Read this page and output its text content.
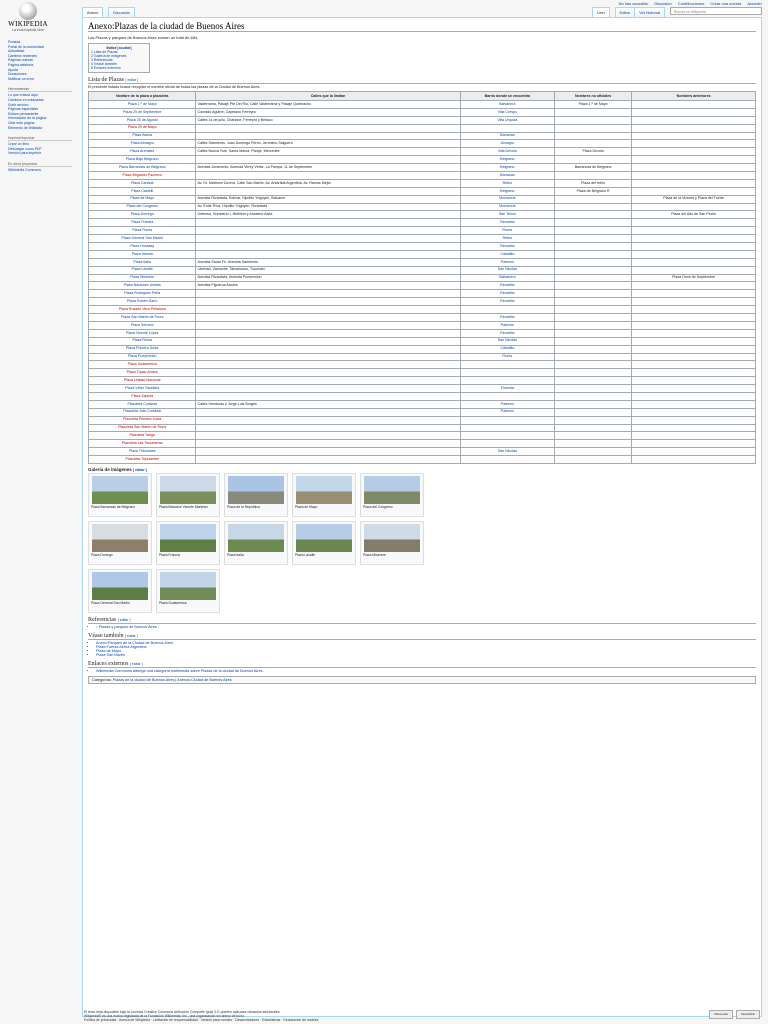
No has accedido Discusión Contribuciones Crear una cuenta Acceder
WIKIPEDIA
La enciclopedia libre
Portada
Portal de la comunidad
Actualidad
Cambios recientes
Páginas nuevas
Página aleatoria
Ayuda
Donaciones
Notificar un error
Herramientas
Lo que enlaza aquí
Cambios en enlazadas
Subir archivo
Páginas especiales
Enlace permanente
Información de la página
Citar esta página
Elemento de Wikidata
Imprimir/exportar
Crear un libro
Descargar como PDF
Versión para imprimir
En otros proyectos
Wikimedia Commons
Anexo	Discusión	Leer	Editar	Ver historial	Buscar en Wikipedia
Anexo:Plazas de la ciudad de Buenos Aires
Las Plazas y parques de Buenos Aires suman un total de 684,
Índice [ocultar]
1 Lista de Plazas
2 Galería de imágenes
3 Referencias
4 Véase también
5 Enlaces externos
Lista de Plazas [ editar ]
El presente listado busca recopilar el nombre oficial de todas las plazas de la Ciudad de Buenos Aires.
Nombre de la plaza o plazoleta	Calles que la limitan	Barrio donde se encuentra	Nombres no oficiales	Nombres anteriores
Plaza 1.º de Mayo	Valderrama, Pasaje Pte Del Rio, Calle Valderrama y Pasaje Quebracho	Balvanera	Plaza 1.º de Mayo	
Plaza 25 de Septiembre	Conrado Aguirre, Cayetano Ferreyra	Villa Crespo		
Plaza 25 de Agosto	Calles 14 de julio, Charlone, Ferreyra y Bellaco	Villa Urquiza		
Plaza 29 de Mayo				
Plaza Alsina		Barracas		
Plaza Almagro	Calles Sarmiento, Juan Domingo Perón, Jerónimo Salguero	Almagro		
Plaza Arenales	Calles Nueva York, Santa Marca, Paraje, Mercedes	Villa Devoto	Plaza Devoto	
Plaza Bajo Belgrano		Belgrano		
Plaza Barrancas de Belgrano	Avenida Juramento, Avenida Virrey Vértiz, La Pampa, 11 de Septiembre	Belgrano	Barrancas de Belgrano	
Plaza Brigadier Pacheco		Barracas		
Plaza Canadá	Av. Dr. Martínez Zuviría, Calle San Martín, Av. Antártida Argentina, Av. Ramos Mejía	Retiro	Plaza del retiro	
Plaza Castelli		Belgrano	Plaza de Belgrano R	
Plaza de Mayo	Avenida Rivadavia, Bolívar, Hipólito Yrigoyen, Balcarce	Monserrat		Plaza de la Victoria y Plaza del Fuerte
Plaza del Congreso	Av. Entre Ríos, Hipólito Yrigoyen, Rivadavia	Monserrat		
Plaza Dorrego	Defensa, Humberto I, Bethlem y Anselmo Aieta	San Telmo		Plaza del Alto de San Pedro
Plaza Francia		Recoleta		
Plaza Flores		Flores		
Plaza General San Martín		Retiro		
Plaza Houssay		Recoleta		
Plaza Irlanda		Caballito		
Plaza Italia	Avenida Santa Fe, Avenida Sarmiento	Palermo		
Plaza Lavalle	Libertad, Viamonte, Talcahuano, Tucumán	San Nicolás		
Plaza Miserere	Avenida Rivadavia, Avenida Pueyrredón	Balvanera		Plaza Once de Septiembre
Plaza Naciones Unidas	Avenida Figueroa Alcorta	Recoleta		
Plaza Rodríguez Peña		Recoleta		
Plaza Rubén Darío		Recoleta		
Plaza Rosario Vera Peñaloza				
Plaza San Martín de Tours		Recoleta		
Plaza Serrano		Palermo		
Plaza Vicente López		Recoleta		
Plaza Roma		San Nicolás		
Plaza Primera Junta		Caballito		
Plaza Pueyrredón		Flores		
Plaza Sudamérica				
Plaza Tupac Amaru				
Plaza Unidad Nacional				
Plaza Vélez Sarsfield		Floresta		
Plaza Zapiola				
Plazoleta Cortázar	Calles Honduras y Jorge Luis Borges	Palermo		
Plazoleta Julio Cortázar		Palermo		
Plazoleta Primera Junta				
Plazoleta San Martín de Tours				
Plazoleta Tango				
Plazoleta Las Toscaneras				
Plaza Tribunales		San Nicolás		
Plazoleta Tripulantes				
Galería de imágenes [ editar ]
Plaza Barrancas de Belgrano	Plaza Balcarce Vicente Martínez	Plaza de la República	Plaza de Mayo	Plaza del Congreso
Plaza Dorrego	Plaza Francia	Plaza Italia	Plaza Lavalle	Plaza Miserere
Plaza General San Martín	Plaza Sudamérica
Referencias [ editar ]
• ↑ Plazas y parques de Buenos Aires
Véase también [ editar ]
• Anexo:Parques de la Ciudad de Buenos Aires
• Plaza Fuerza Aérea Argentina
• Plaza de Mayo
• Plaza San Martín
Enlaces externos [ editar ]
• Wikimedia Commons alberga una categoría multimedia sobre Plazas de la ciudad de Buenos Aires.
Categorías: Plazas de la ciudad de Buenos Aires | Anexos:Ciudad de Buenos Aires
El texto está disponible bajo la Licencia Creative Commons Atribución Compartir Igual 3.0; pueden aplicarse cláusulas adicionales.
Wikipedia® es una marca registrada de la Fundación Wikimedia, Inc., una organización sin ánimo de lucro.
Política de privacidad · Acerca de Wikipedia · Limitación de responsabilidad · Versión para móviles · Desarrolladores · Estadísticas · Declaración de cookies
Wikimedia	MediaWiki
